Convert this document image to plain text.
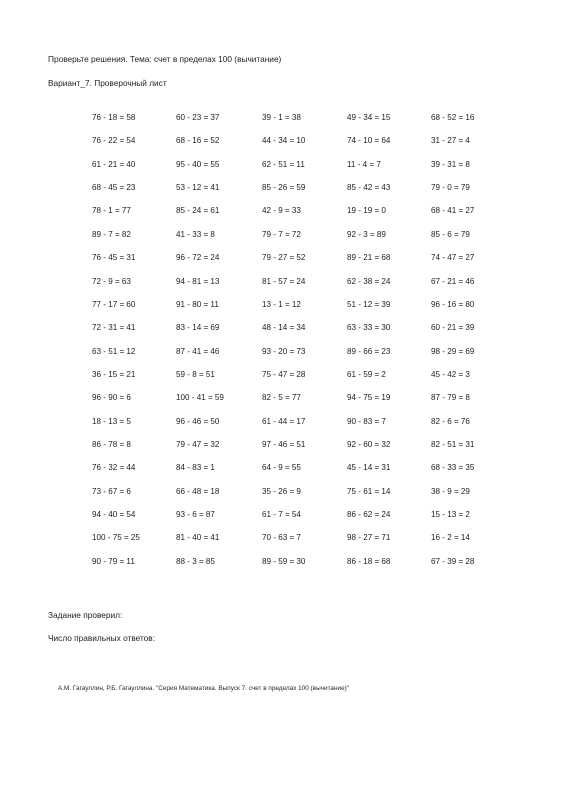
Проверьте решения. Тема: счет в пределах 100 (вычитание)
Вариант_7. Проверочный лист
76 - 18 = 58	60 - 23 = 37	39 - 1 = 38	49 - 34 = 15	68 - 52 = 16
76 - 22 = 54	68 - 16 = 52	44 - 34 = 10	74 - 10 = 64	31 - 27 = 4
61 - 21 = 40	95 - 40 = 55	62 - 51 = 11	11 - 4 = 7	39 - 31 = 8
68 - 45 = 23	53 - 12 = 41	85 - 26 = 59	85 - 42 = 43	79 - 0 = 79
78 - 1 = 77	85 - 24 = 61	42 - 9 = 33	19 - 19 = 0	68 - 41 = 27
89 - 7 = 82	41 - 33 = 8	79 - 7 = 72	92 - 3 = 89	85 - 6 = 79
76 - 45 = 31	96 - 72 = 24	79 - 27 = 52	89 - 21 = 68	74 - 47 = 27
72 - 9 = 63	94 - 81 = 13	81 - 57 = 24	62 - 38 = 24	67 - 21 = 46
77 - 17 = 60	91 - 80 = 11	13 - 1 = 12	51 - 12 = 39	96 - 16 = 80
72 - 31 = 41	83 - 14 = 69	48 - 14 = 34	63 - 33 = 30	60 - 21 = 39
63 - 51 = 12	87 - 41 = 46	93 - 20 = 73	89 - 66 = 23	98 - 29 = 69
36 - 15 = 21	59 - 8 = 51	75 - 47 = 28	61 - 59 = 2	45 - 42 = 3
96 - 90 = 6	100 - 41 = 59	82 - 5 = 77	94 - 75 = 19	87 - 79 = 8
18 - 13 = 5	96 - 46 = 50	61 - 44 = 17	90 - 83 = 7	82 - 6 = 76
86 - 78 = 8	79 - 47 = 32	97 - 46 = 51	92 - 60 = 32	82 - 51 = 31
76 - 32 = 44	84 - 83 = 1	64 - 9 = 55	45 - 14 = 31	68 - 33 = 35
73 - 67 = 6	66 - 48 = 18	35 - 26 = 9	75 - 61 = 14	38 - 9 = 29
94 - 40 = 54	93 - 6 = 87	61 - 7 = 54	86 - 62 = 24	15 - 13 = 2
100 - 75 = 25	81 - 40 = 41	70 - 63 = 7	98 - 27 = 71	16 - 2 = 14
90 - 79 = 11	88 - 3 = 85	89 - 59 = 30	86 - 18 = 68	67 - 39 = 28
Задание проверил:
Число правильных ответов:
А.М. Гагауллин, Р.Б. Гагауллина. "Серия Математика. Выпуск 7. счет в пределах 100 (вычитание)"
